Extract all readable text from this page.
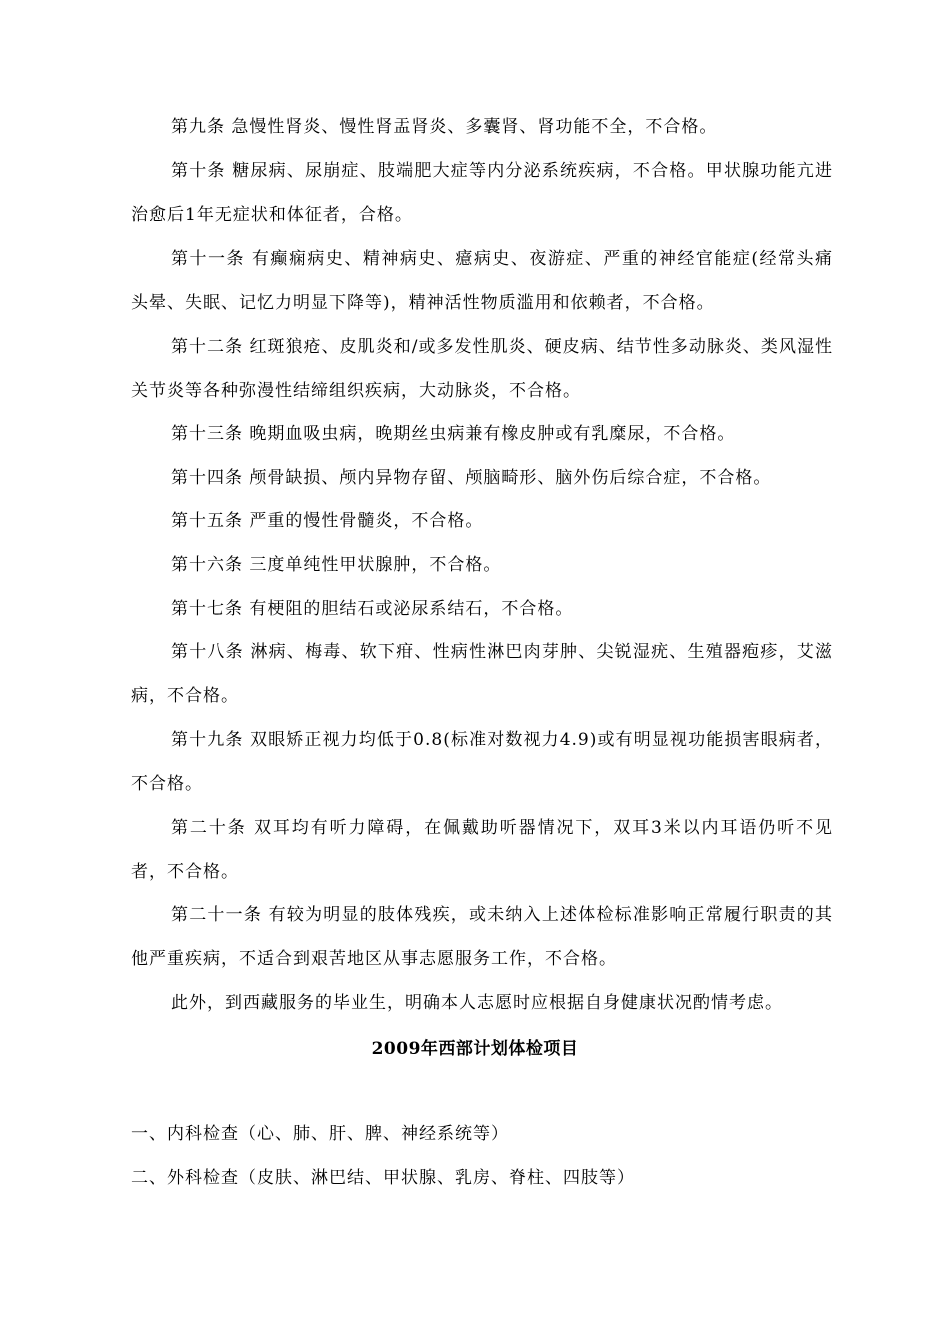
第九条 急慢性肾炎、慢性肾盂肾炎、多囊肾、肾功能不全，不合格。

第十条 糖尿病、尿崩症、肢端肥大症等内分泌系统疾病，不合格。甲状腺功能亢进治愈后1年无症状和体征者，合格。

第十一条 有癫痫病史、精神病史、癔病史、夜游症、严重的神经官能症(经常头痛头晕、失眠、记忆力明显下降等)，精神活性物质滥用和依赖者，不合格。

第十二条 红斑狼疮、皮肌炎和/或多发性肌炎、硬皮病、结节性多动脉炎、类风湿性关节炎等各种弥漫性结缔组织疾病，大动脉炎，不合格。

第十三条 晚期血吸虫病，晚期丝虫病兼有橡皮肿或有乳糜尿，不合格。

第十四条 颅骨缺损、颅内异物存留、颅脑畸形、脑外伤后综合症，不合格。

第十五条 严重的慢性骨髓炎，不合格。

第十六条 三度单纯性甲状腺肿，不合格。

第十七条 有梗阻的胆结石或泌尿系结石，不合格。

第十八条 淋病、梅毒、软下疳、性病性淋巴肉芽肿、尖锐湿疣、生殖器疱疹，艾滋病，不合格。

第十九条 双眼矫正视力均低于0.8(标准对数视力4.9)或有明显视功能损害眼病者，不合格。

第二十条 双耳均有听力障碍，在佩戴助听器情况下，双耳3米以内耳语仍听不见者，不合格。

第二十一条 有较为明显的肢体残疾，或未纳入上述体检标准影响正常履行职责的其他严重疾病，不适合到艰苦地区从事志愿服务工作，不合格。

此外，到西藏服务的毕业生，明确本人志愿时应根据自身健康状况酌情考虑。

2009年西部计划体检项目

一、内科检查（心、肺、肝、脾、神经系统等）

二、外科检查（皮肤、淋巴结、甲状腺、乳房、脊柱、四肢等）
